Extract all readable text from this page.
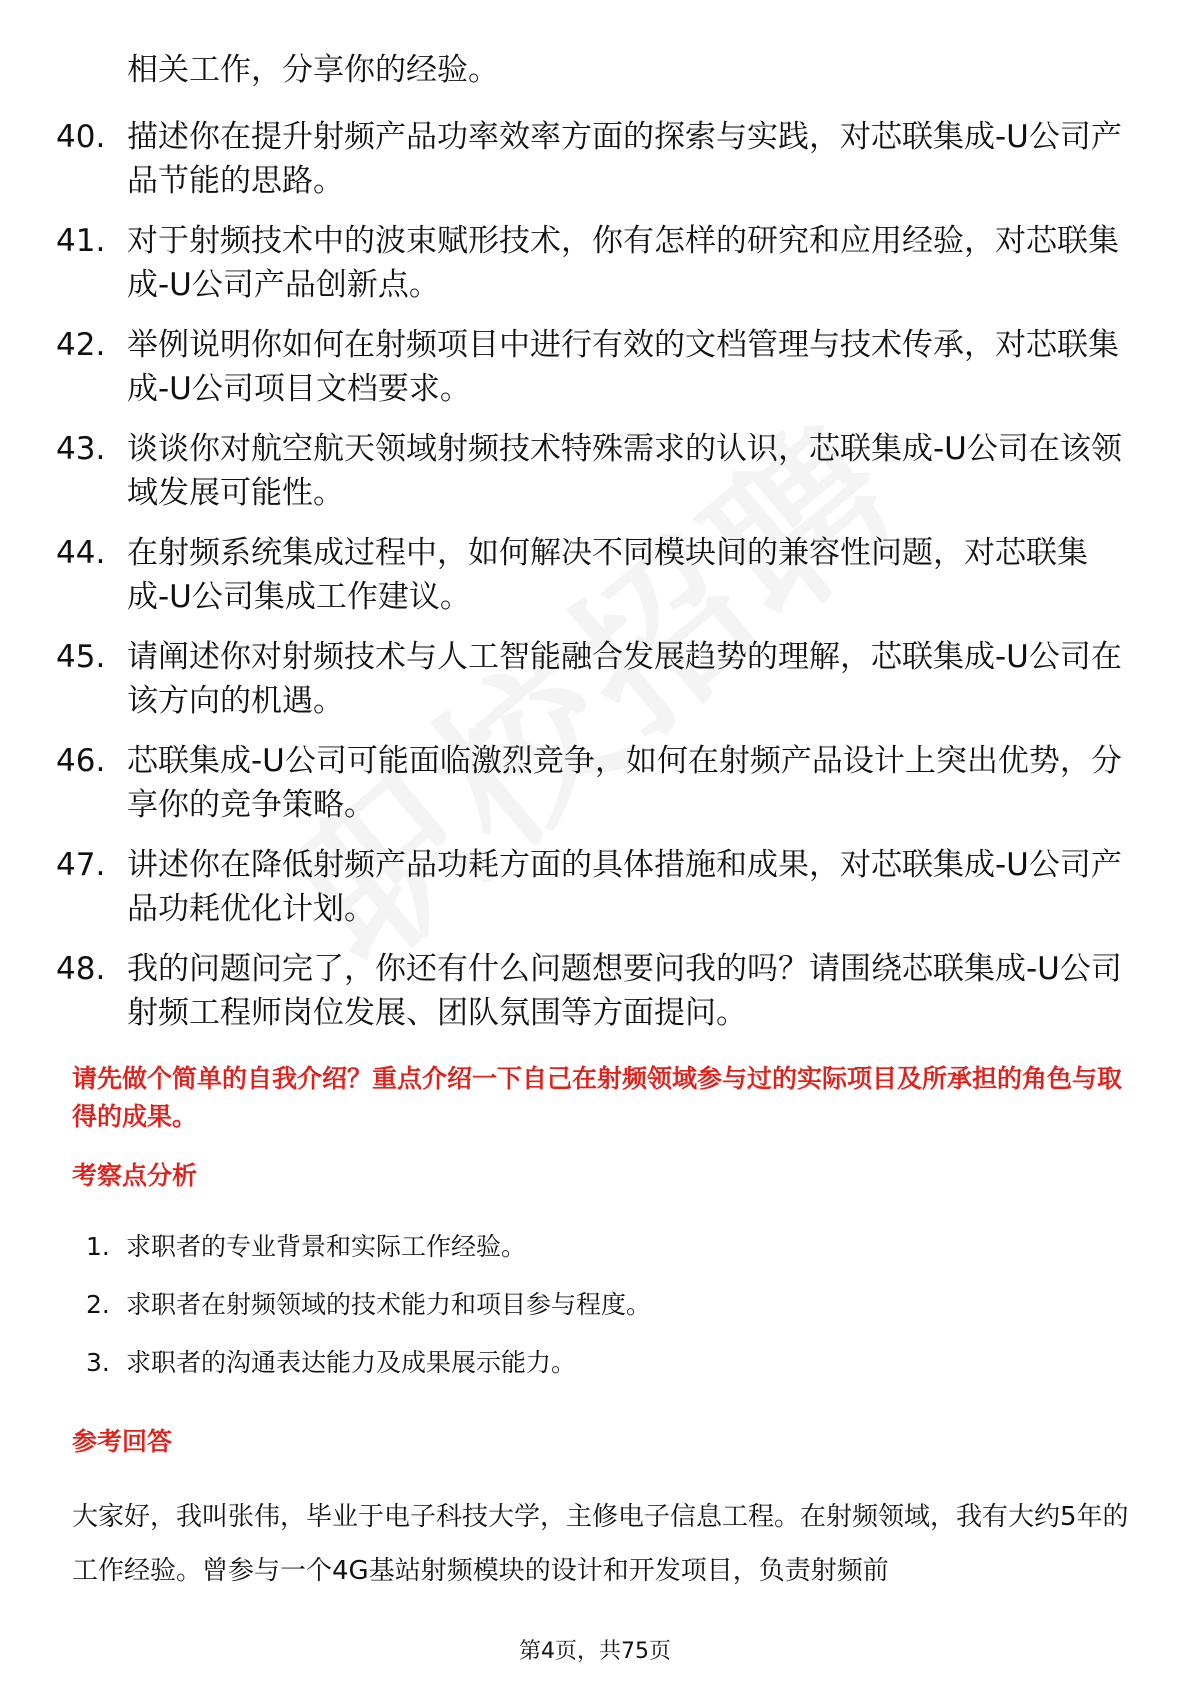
相关工作，分享你的经验。
40. 描述你在提升射频产品功率效率方面的探索与实践，对芯联集成-U公司产品节能的思路。
41. 对于射频技术中的波束赋形技术，你有怎样的研究和应用经验，对芯联集成-U公司产品创新点。
42. 举例说明你如何在射频项目中进行有效的文档管理与技术传承，对芯联集成-U公司项目文档要求。
43. 谈谈你对航空航天领域射频技术特殊需求的认识，芯联集成-U公司在该领域发展可能性。
44. 在射频系统集成过程中，如何解决不同模块间的兼容性问题，对芯联集成-U公司集成工作建议。
45. 请阐述你对射频技术与人工智能融合发展趋势的理解，芯联集成-U公司在该方向的机遇。
46. 芯联集成-U公司可能面临激烈竞争，如何在射频产品设计上突出优势，分享你的竞争策略。
47. 讲述你在降低射频产品功耗方面的具体措施和成果，对芯联集成-U公司产品功耗优化计划。
48. 我的问题问完了，你还有什么问题想要问我的吗？请围绕芯联集成-U公司射频工程师岗位发展、团队氛围等方面提问。
请先做个简单的自我介绍？重点介绍一下自己在射频领域参与过的实际项目及所承担的角色与取得的成果。
考察点分析
1. 求职者的专业背景和实际工作经验。
2. 求职者在射频领域的技术能力和项目参与程度。
3. 求职者的沟通表达能力及成果展示能力。
参考回答
大家好，我叫张伟，毕业于电子科技大学，主修电子信息工程。在射频领域，我有大约5年的工作经验。曾参与一个4G基站射频模块的设计和开发项目，负责射频前
第4页，共75页
